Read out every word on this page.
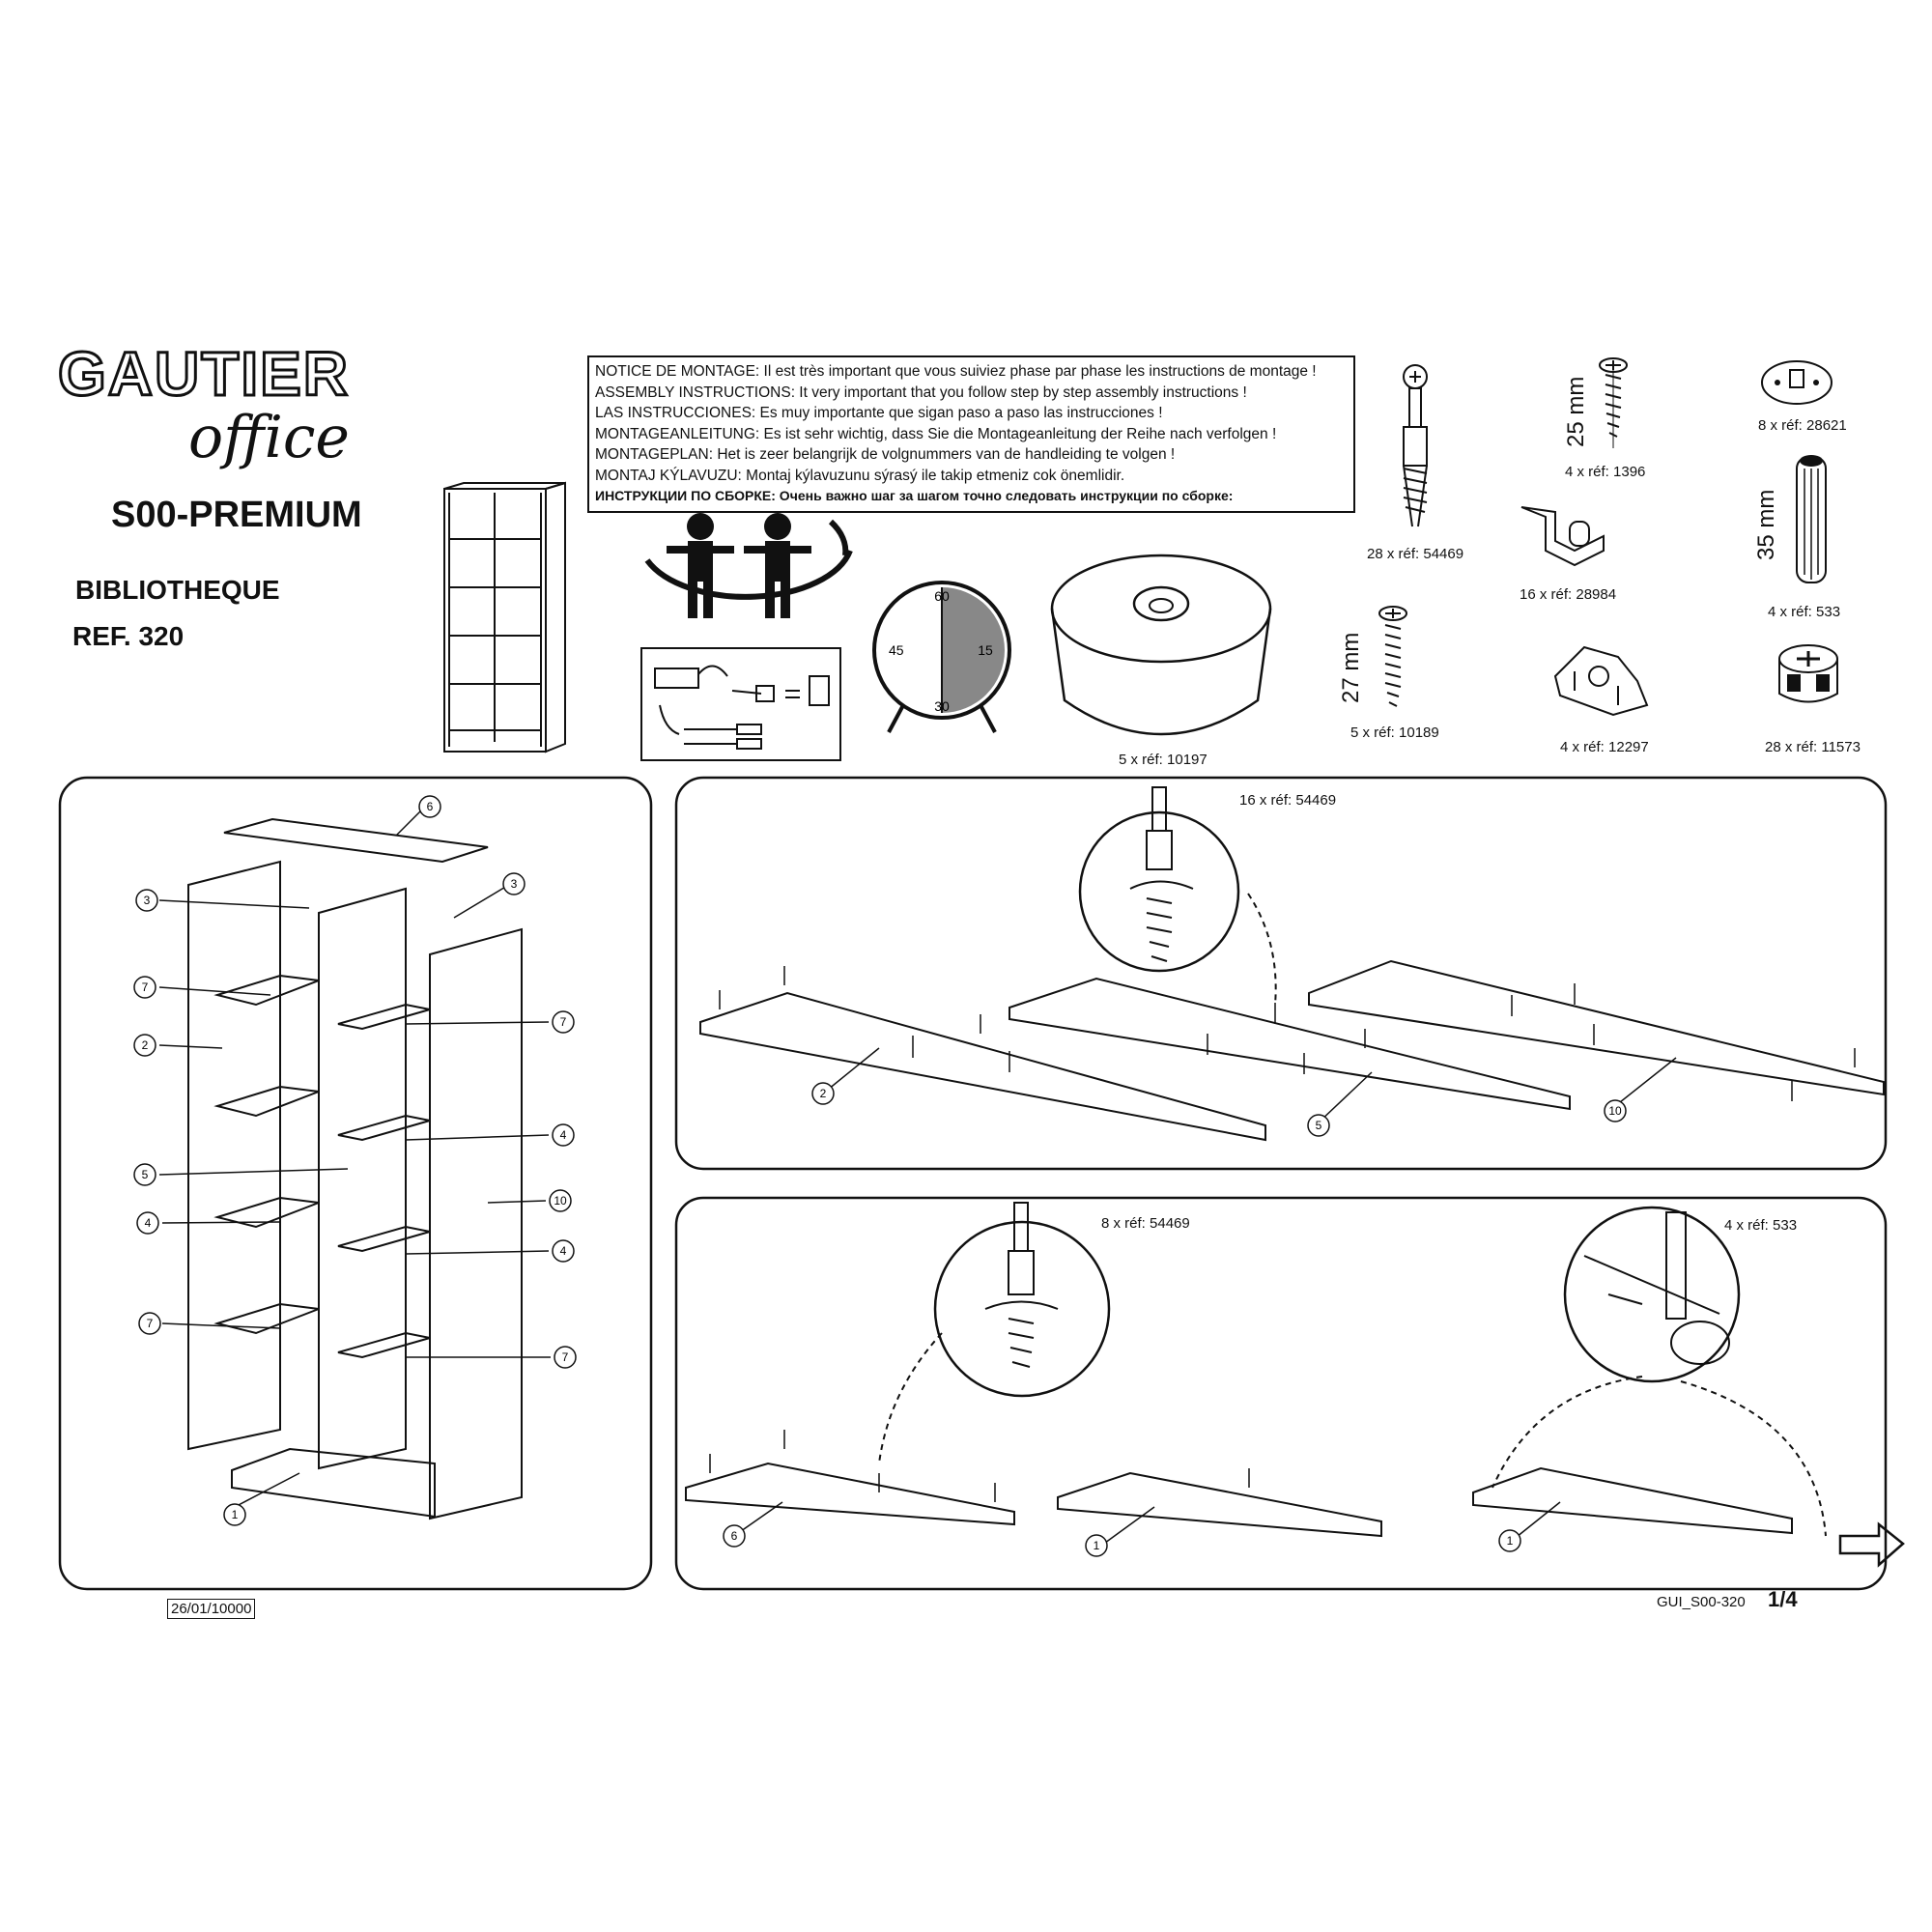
GAUTIER
office
S00-PREMIUM
BIBLIOTHEQUE
REF. 320
NOTICE DE MONTAGE: Il est très important que vous suiviez phase par phase les instructions de montage !
ASSEMBLY INSTRUCTIONS: It very important that you follow step by step assembly instructions !
LAS INSTRUCCIONES: Es muy importante que sigan paso a paso las instrucciones !
MONTAGEANLEITUNG: Es ist sehr wichtig, dass Sie die Montageanleitung der Reihe nach verfolgen !
MONTAGEPLAN: Het is zeer belangrijk de volgnummers van de handleiding te volgen !
MONTAJ KÝLAVUZU: Montaj kýlavuzunu sýrasý ile takip etmeniz cok önemlidir.
ИНСТРУКЦИИ ПО СБОРКЕ: Очень важно шаг за шагом точно следовать инструкции по сборке:
60
15
30
45
5 x réf: 10197
28 x réf: 54469
25 mm
4 x réf: 1396
8 x réf: 28621
16 x réf: 28984
35 mm
4 x réf: 533
27 mm
5 x réf: 10189
4 x réf: 12297	28 x réf: 11573
6
3
3
7
7
2
4
5
10
4
4
7
7
1
2
5
10
6
1	1
16 x réf: 54469
8 x réf: 54469	4 x réf: 533
26/01/10000	GUI_S00-320 1/4
